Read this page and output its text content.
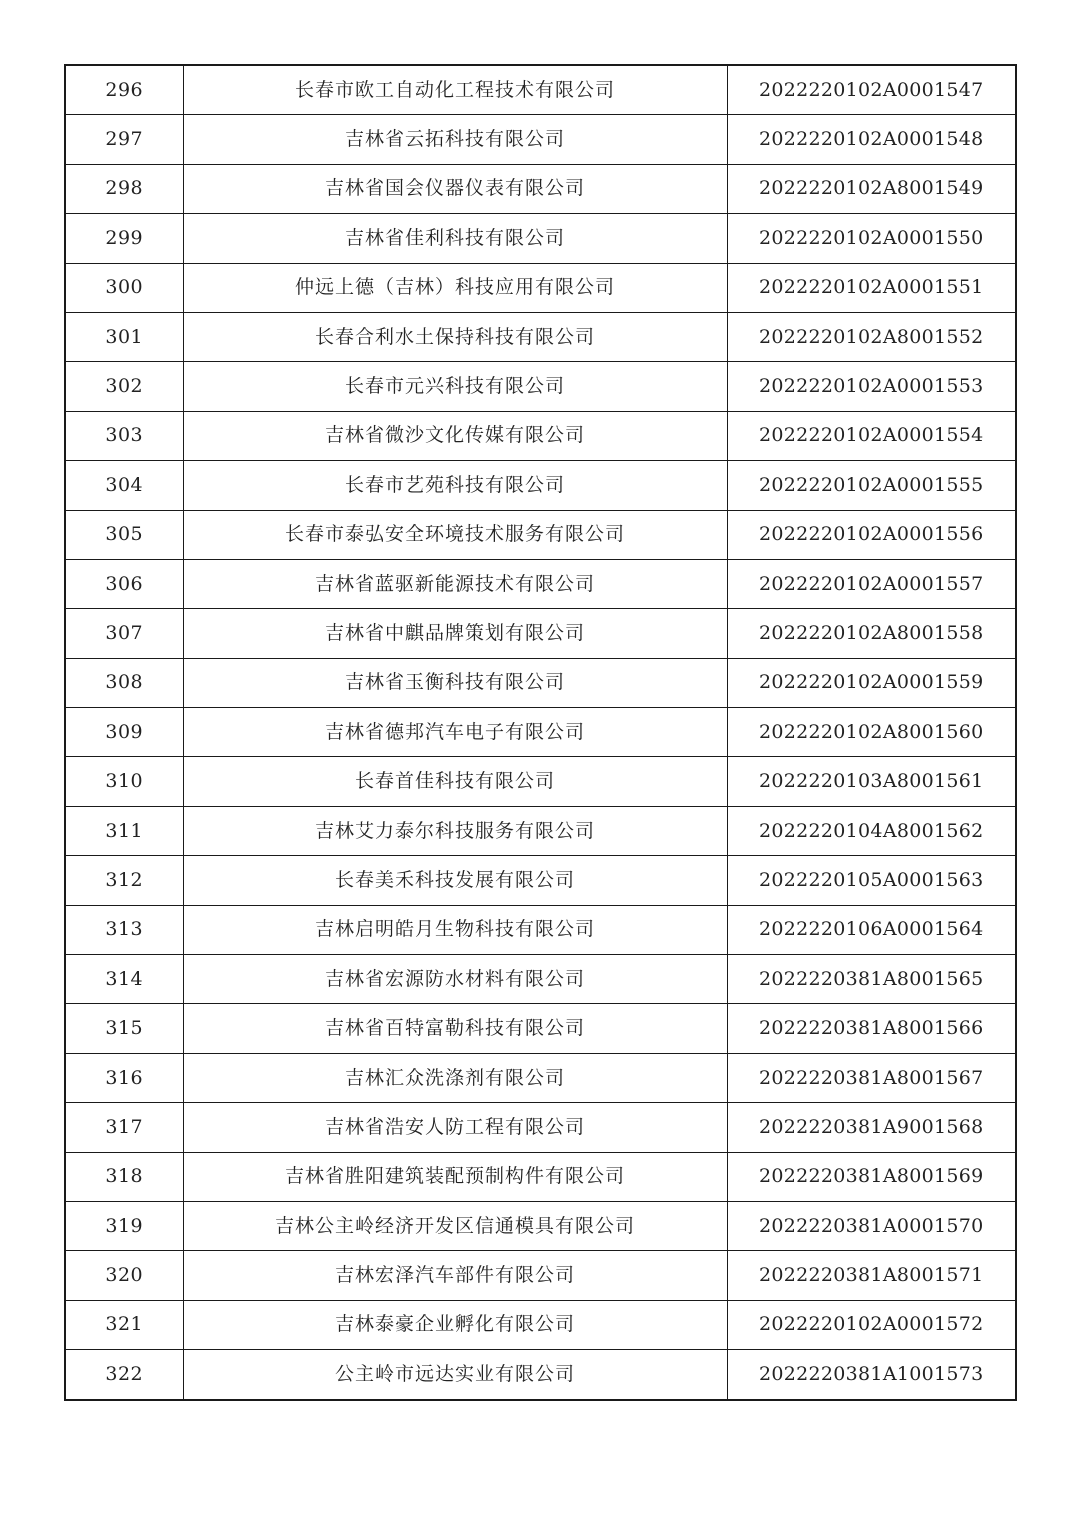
296	长春市欧工自动化工程技术有限公司	2022220102A0001547
297	吉林省云拓科技有限公司	2022220102A0001548
298	吉林省国会仪器仪表有限公司	2022220102A8001549
299	吉林省佳利科技有限公司	2022220102A0001550
300	仲远上德（吉林）科技应用有限公司	2022220102A0001551
301	长春合利水土保持科技有限公司	2022220102A8001552
302	长春市元兴科技有限公司	2022220102A0001553
303	吉林省微沙文化传媒有限公司	2022220102A0001554
304	长春市艺苑科技有限公司	2022220102A0001555
305	长春市泰弘安全环境技术服务有限公司	2022220102A0001556
306	吉林省蓝驱新能源技术有限公司	2022220102A0001557
307	吉林省中麒品牌策划有限公司	2022220102A8001558
308	吉林省玉衡科技有限公司	2022220102A0001559
309	吉林省德邦汽车电子有限公司	2022220102A8001560
310	长春首佳科技有限公司	2022220103A8001561
311	吉林艾力泰尔科技服务有限公司	2022220104A8001562
312	长春美禾科技发展有限公司	2022220105A0001563
313	吉林启明皓月生物科技有限公司	2022220106A0001564
314	吉林省宏源防水材料有限公司	2022220381A8001565
315	吉林省百特富勒科技有限公司	2022220381A8001566
316	吉林汇众洗涤剂有限公司	2022220381A8001567
317	吉林省浩安人防工程有限公司	2022220381A9001568
318	吉林省胜阳建筑装配预制构件有限公司	2022220381A8001569
319	吉林公主岭经济开发区信通模具有限公司	2022220381A0001570
320	吉林宏泽汽车部件有限公司	2022220381A8001571
321	吉林泰豪企业孵化有限公司	2022220102A0001572
322	公主岭市远达实业有限公司	2022220381A1001573
